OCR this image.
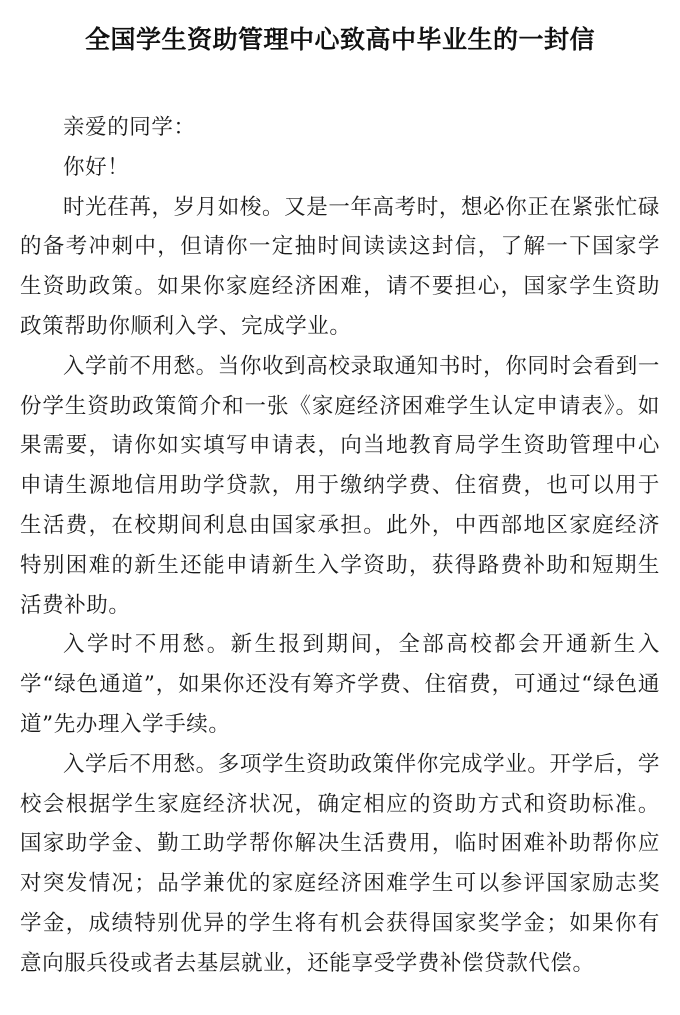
全国学生资助管理中心致高中毕业生的一封信

亲爱的同学：

你好！

时光荏苒，岁月如梭。又是一年高考时，想必你正在紧张忙碌的备考冲刺中，但请你一定抽时间读读这封信，了解一下国家学生资助政策。如果你家庭经济困难，请不要担心，国家学生资助政策帮助你顺利入学、完成学业。

入学前不用愁。当你收到高校录取通知书时，你同时会看到一份学生资助政策简介和一张《家庭经济困难学生认定申请表》。如果需要，请你如实填写申请表，向当地教育局学生资助管理中心申请生源地信用助学贷款，用于缴纳学费、住宿费，也可以用于生活费，在校期间利息由国家承担。此外，中西部地区家庭经济特别困难的新生还能申请新生入学资助，获得路费补助和短期生活费补助。

入学时不用愁。新生报到期间，全部高校都会开通新生入学“绿色通道”，如果你还没有筹齐学费、住宿费，可通过“绿色通道”先办理入学手续。

入学后不用愁。多项学生资助政策伴你完成学业。开学后，学校会根据学生家庭经济状况，确定相应的资助方式和资助标准。国家助学金、勤工助学帮你解决生活费用，临时困难补助帮你应对突发情况；品学兼优的家庭经济困难学生可以参评国家励志奖学金，成绩特别优异的学生将有机会获得国家奖学金；如果你有意向服兵役或者去基层就业，还能享受学费补偿贷款代偿。
